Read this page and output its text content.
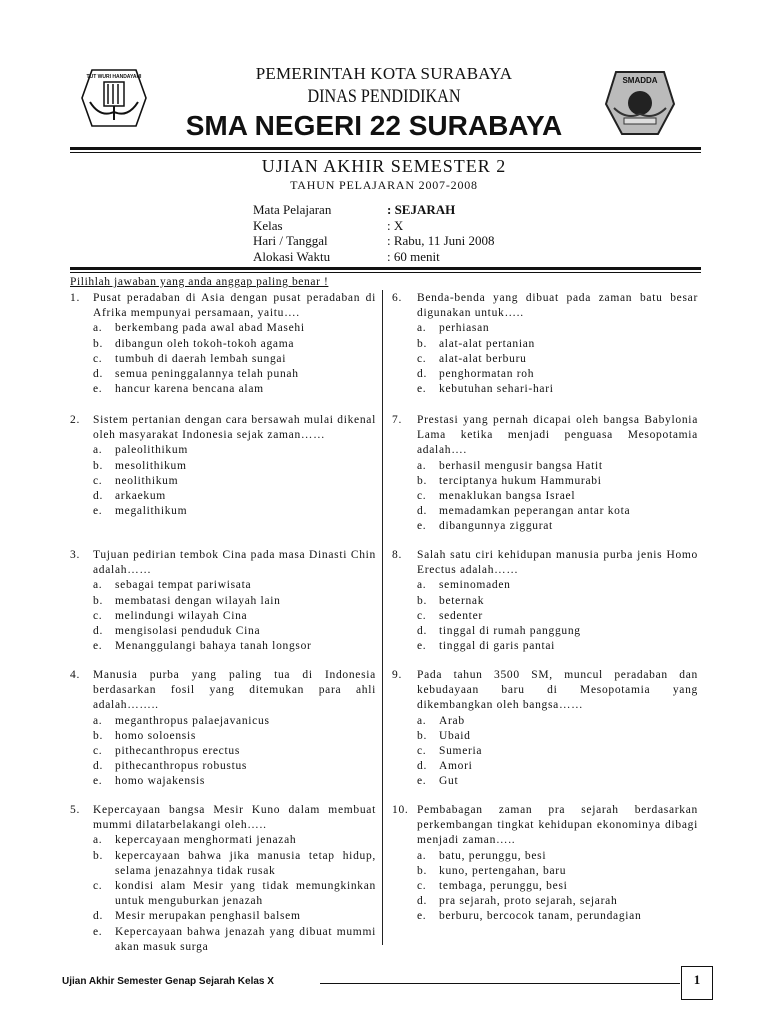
TUT WURI HANDAYANI	SMADDA
PEMERINTAH KOTA SURABAYA
DINAS PENDIDIKAN
SMA NEGERI 22 SURABAYA
UJIAN AKHIR SEMESTER 2
TAHUN PELAJARAN 2007-2008
Mata Pelajaran	: SEJARAH
Kelas	: X
Hari / Tanggal	: Rabu, 11 Juni 2008
Alokasi Waktu	: 60 menit
Pilihlah jawaban yang anda anggap paling benar !
1.	Pusat peradaban di Asia dengan pusat peradaban di Afrika mempunyai persamaan, yaitu….
a.	berkembang pada awal abad Masehi
b.	dibangun oleh tokoh-tokoh agama
c.	tumbuh di daerah lembah sungai
d.	semua peninggalannya telah punah
e.	hancur karena bencana alam
2.	Sistem pertanian dengan cara bersawah mulai dikenal oleh masyarakat Indonesia sejak zaman……
a.	paleolithikum
b.	mesolithikum
c.	neolithikum
d.	arkaekum
e.	megalithikum
3.	Tujuan pedirian tembok Cina pada masa Dinasti Chin adalah……
a.	sebagai tempat pariwisata
b.	membatasi dengan wilayah lain
c.	melindungi wilayah Cina
d.	mengisolasi penduduk Cina
e.	Menanggulangi bahaya tanah longsor
4.	Manusia purba yang paling tua di Indonesia berdasarkan fosil yang ditemukan para ahli adalah……..
a.	meganthropus palaejavanicus
b.	homo soloensis
c.	pithecanthropus erectus
d.	pithecanthropus robustus
e.	homo wajakensis
5.	Kepercayaan bangsa Mesir Kuno dalam membuat mummi dilatarbelakangi oleh…..
a.	kepercayaan menghormati jenazah
b.	kepercayaan bahwa jika manusia tetap hidup, selama jenazahnya tidak rusak
c.	kondisi alam Mesir yang tidak memungkinkan untuk menguburkan jenazah
d.	Mesir merupakan penghasil balsem
e.	Kepercayaan bahwa jenazah yang dibuat mummi akan masuk surga
6.	Benda-benda yang dibuat pada zaman batu besar digunakan untuk…..
a.	perhiasan
b.	alat-alat pertanian
c.	alat-alat berburu
d.	penghormatan roh
e.	kebutuhan sehari-hari
7.	Prestasi yang pernah dicapai oleh bangsa Babylonia Lama ketika menjadi penguasa Mesopotamia adalah….
a.	berhasil mengusir bangsa Hatit
b.	terciptanya hukum Hammurabi
c.	menaklukan bangsa Israel
d.	memadamkan peperangan antar kota
e.	dibangunnya ziggurat
8.	Salah satu ciri kehidupan manusia purba jenis Homo Erectus adalah……
a.	seminomaden
b.	beternak
c.	sedenter
d.	tinggal di rumah panggung
e.	tinggal di garis pantai
9.	Pada tahun 3500 SM, muncul peradaban dan kebudayaan baru di Mesopotamia yang dikembangkan oleh bangsa……
a.	Arab
b.	Ubaid
c.	Sumeria
d.	Amori
e.	Gut
10. Pembabagan zaman pra sejarah berdasarkan perkembangan tingkat kehidupan ekonominya dibagi menjadi zaman…..
a.	batu, perunggu, besi
b.	kuno, pertengahan, baru
c.	tembaga, perunggu, besi
d.	pra sejarah, proto sejarah, sejarah
e.	berburu, bercocok tanam, perundagian
Ujian Akhir Semester Genap Sejarah Kelas X	1
